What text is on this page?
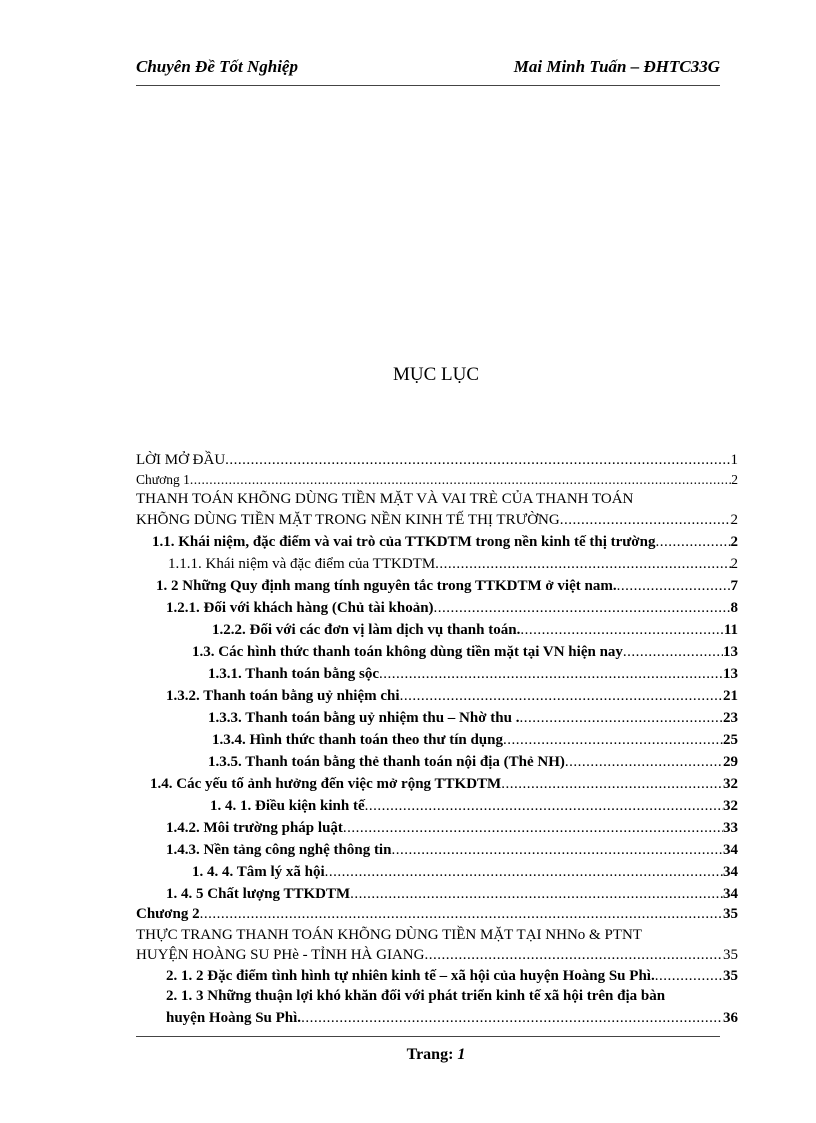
Chuyên Đề Tốt Nghiệp	Mai Minh Tuấn – ĐHTC33G
MỤC LỤC
LỜI MỞ ĐẦU .....	1
Chương 1 .....	2
THANH TOÁN KHÕNG DÙNG TIỀN MẶT VÀ VAI TRÈ CỦA THANH TOÁN
KHÕNG DÙNG TIỀN MẶT TRONG NỀN KINH TẾ THỊ TRƯỜNG .....	2
1.1. Khái niệm, đặc điểm và vai trò của TTKDTM trong nền kinh tế thị trường .....	2
1.1.1. Khái niệm và đặc điểm của TTKDTM .....	2
1. 2 Những Quy định mang tính nguyên tắc trong TTKDTM ở việt nam. .....	7
1.2.1. Đối với khách hàng (Chủ tài khoản) .....	8
1.2.2. Đối với các đơn vị làm dịch vụ thanh toán. .....	11
1.3. Các hình thức thanh toán không dùng tiền mặt tại VN hiện nay .....	13
1.3.1. Thanh toán bằng sộc .....	13
1.3.2. Thanh toán bằng uỷ nhiệm chi .....	21
1.3.3. Thanh toán bằng uỷ nhiệm thu – Nhờ thu . .....	23
1.3.4. Hình thức thanh toán theo thư tín dụng .....	25
1.3.5. Thanh toán bằng thẻ thanh toán nội địa (Thẻ NH) .....	29
1.4. Các yếu tố ảnh hưởng đến việc mở rộng TTKDTM .....	32
1. 4. 1. Điều kiện kinh tế .....	32
1.4.2. Môi trường pháp luật .....	33
1.4.3. Nền tảng công nghệ thông tin .....	34
1. 4. 4. Tâm lý xã hội .....	34
1. 4. 5 Chất lượng TTKDTM .....	34
Chương 2 .....	35
THỰC TRANG THANH TOÁN KHÕNG DÙNG TIỀN MẶT TẠI NHNo & PTNT
HUYỆN HOÀNG SU PHè - TỈNH HÀ GIANG .....	35
2. 1. 2 Đặc điểm tình hình tự nhiên kinh tế – xã hội của huyện Hoàng Su Phì. .....	35
2. 1. 3 Những thuận lợi khó khăn đối với phát triển kinh tế xã hội trên địa bàn
huyện Hoàng Su Phì. .....	36
Trang: 1
